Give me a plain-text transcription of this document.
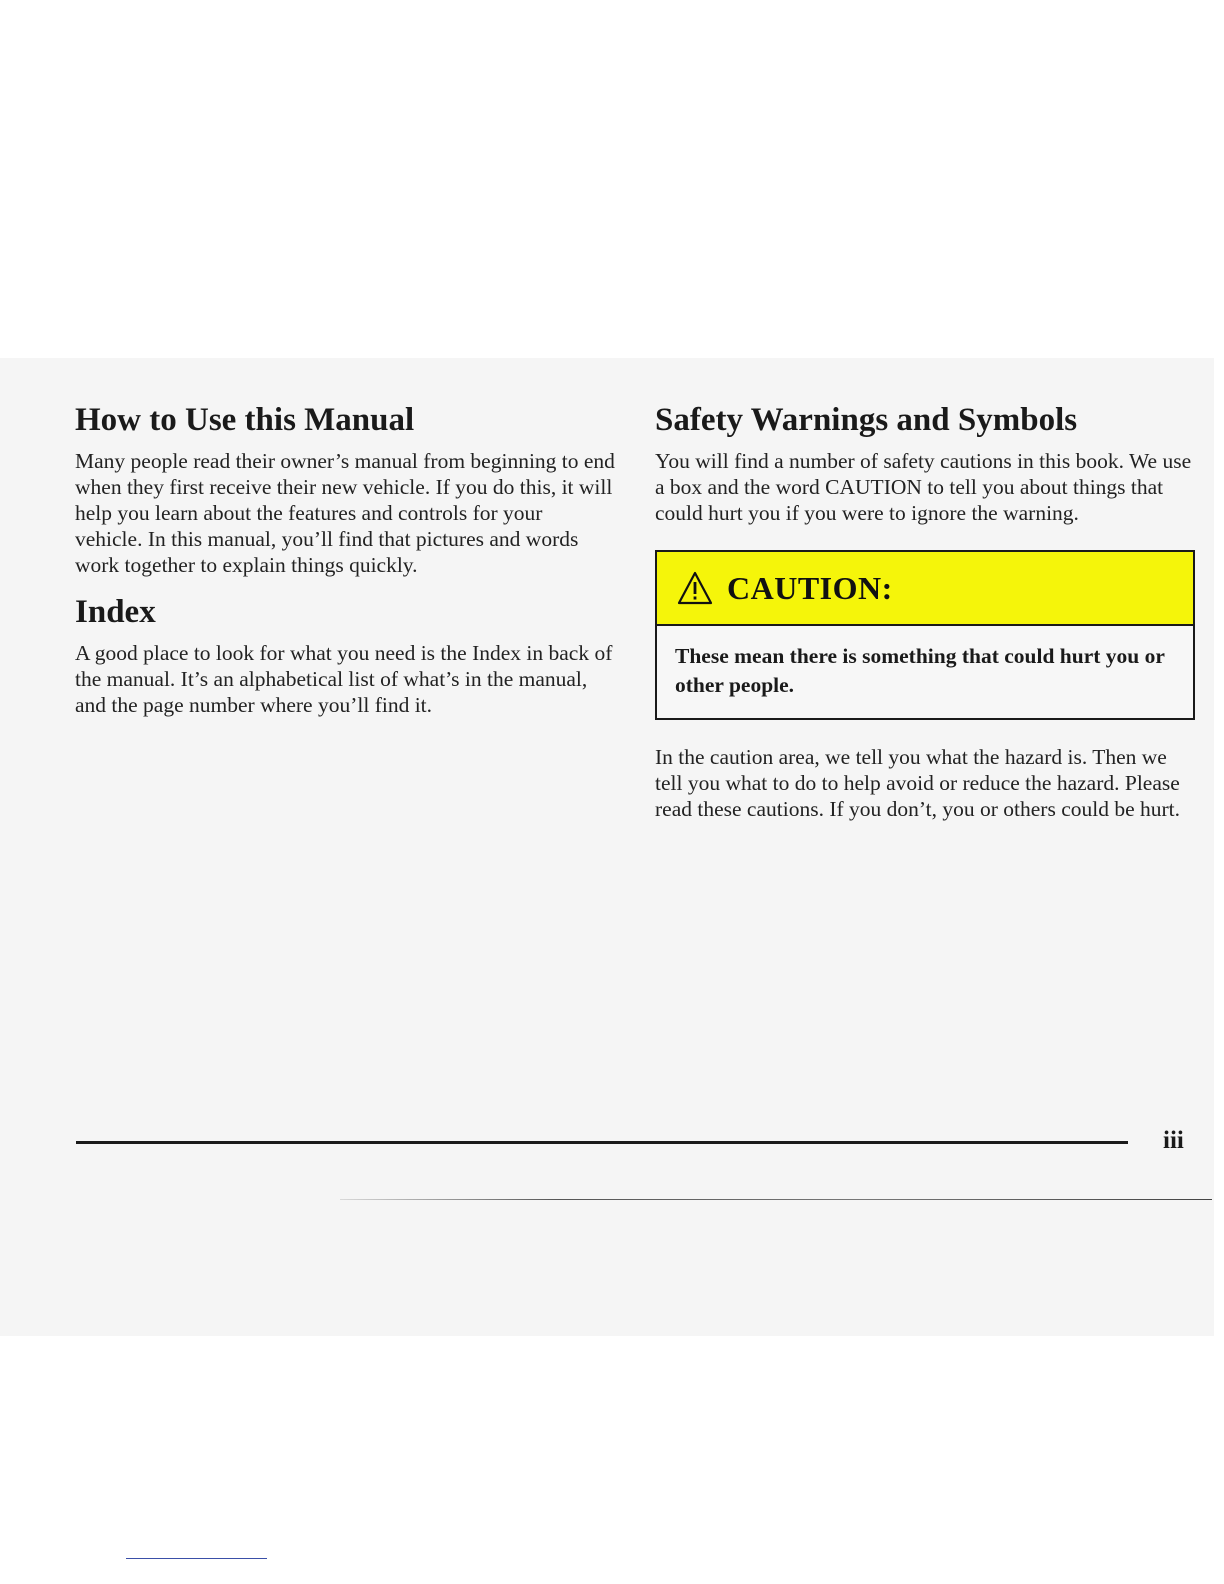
How to Use this Manual

Many people read their owner’s manual from beginning to end when they first receive their new vehicle. If you do this, it will help you learn about the features and controls for your vehicle. In this manual, you’ll find that pictures and words work together to explain things quickly.

Index

A good place to look for what you need is the Index in back of the manual. It’s an alphabetical list of what’s in the manual, and the page number where you’ll find it.

Safety Warnings and Symbols

You will find a number of safety cautions in this book. We use a box and the word CAUTION to tell you about things that could hurt you if you were to ignore the warning.

CAUTION:
These mean there is something that could hurt you or other people.

In the caution area, we tell you what the hazard is. Then we tell you what to do to help avoid or reduce the hazard. Please read these cautions. If you don’t, you or others could be hurt.

iii
